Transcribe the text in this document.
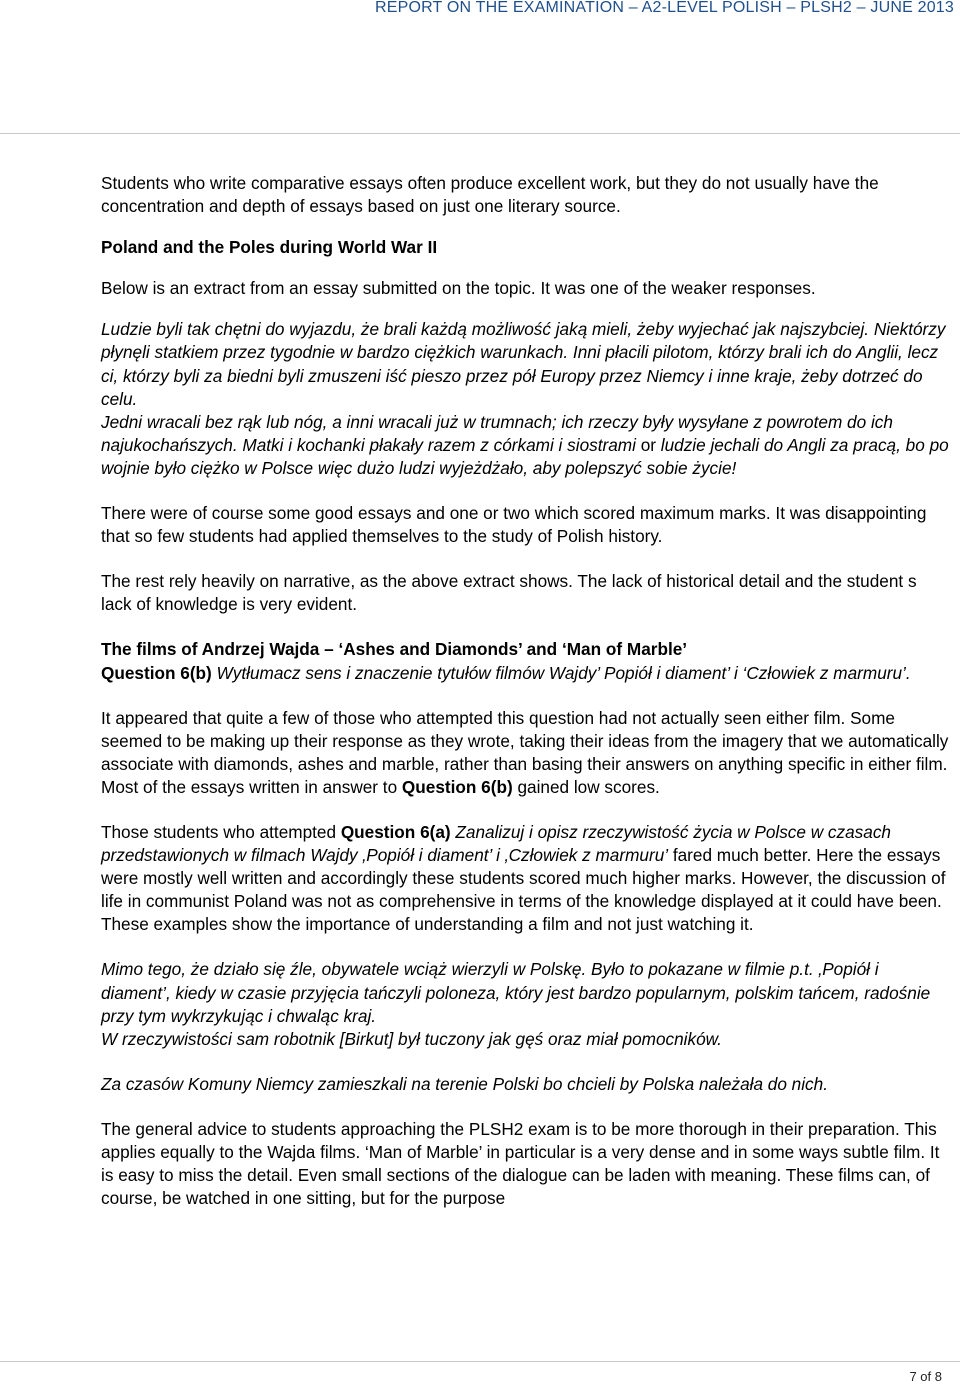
REPORT ON THE EXAMINATION – A2-LEVEL POLISH – PLSH2 – JUNE 2013

Students who write comparative essays often produce excellent work, but they do not usually have the concentration and depth of essays based on just one literary source.

Poland and the Poles during World War II

Below is an extract from an essay submitted on the topic. It was one of the weaker responses.

Ludzie byli tak chętni do wyjazdu, że brali każdą możliwość jaką mieli, żeby wyjechać jak najszybciej. Niektórzy płynęli statkiem przez tygodnie w bardzo ciężkich warunkach. Inni płacili pilotom, którzy brali ich do Anglii, lecz ci, którzy byli za biedni byli zmuszeni iść pieszo przez pół Europy przez Niemcy i inne kraje, żeby dotrzeć do celu.

Jedni wracali bez rąk lub nóg, a inni wracali już w trumnach; ich rzeczy były wysyłane z powrotem do ich najukochańszych. Matki i kochanki płakały razem z córkami i siostrami or ludzie jechali do Angli za pracą, bo po wojnie było ciężko w Polsce więc dużo ludzi wyjeżdżało, aby polepszyć sobie życie!

There were of course some good essays and one or two which scored maximum marks. It was disappointing that so few students had applied themselves to the study of Polish history.

The rest rely heavily on narrative, as the above extract shows. The lack of historical detail and the student s lack of knowledge is very evident.

The films of Andrzej Wajda – ‘Ashes and Diamonds’ and ‘Man of Marble’

Question 6(b) Wytłumacz sens i znaczenie tytułów filmów Wajdy’ Popiół i diament’ i ‘Człowiek z marmuru’.

It appeared that quite a few of those who attempted this question had not actually seen either film. Some seemed to be making up their response as they wrote, taking their ideas from the imagery that we automatically associate with diamonds, ashes and marble, rather than basing their answers on anything specific in either film. Most of the essays written in answer to Question 6(b) gained low scores.

Those students who attempted Question 6(a) Zanalizuj i opisz rzeczywistość życia w Polsce w czasach przedstawionych w filmach Wajdy ‚Popiół i diament’ i ‚Człowiek z marmuru’ fared much better. Here the essays were mostly well written and accordingly these students scored much higher marks. However, the discussion of life in communist Poland was not as comprehensive in terms of the knowledge displayed at it could have been. These examples show the importance of understanding a film and not just watching it.

Mimo tego, że działo się źle, obywatele wciąż wierzyli w Polskę. Było to pokazane w filmie p.t. ‚Popiół i diament’, kiedy w czasie przyjęcia tańczyli poloneza, który jest bardzo popularnym, polskim tańcem, radośnie przy tym wykrzykując i chwaląc kraj.

W rzeczywistości sam robotnik [Birkut] był tuczony jak gęś oraz miał pomocników.

Za czasów Komuny Niemcy zamieszkali na terenie Polski bo chcieli by Polska należała do nich.

The general advice to students approaching the PLSH2 exam is to be more thorough in their preparation. This applies equally to the Wajda films. ‘Man of Marble’ in particular is a very dense and in some ways subtle film. It is easy to miss the detail. Even small sections of the dialogue can be laden with meaning. These films can, of course, be watched in one sitting, but for the purpose

7 of 8
